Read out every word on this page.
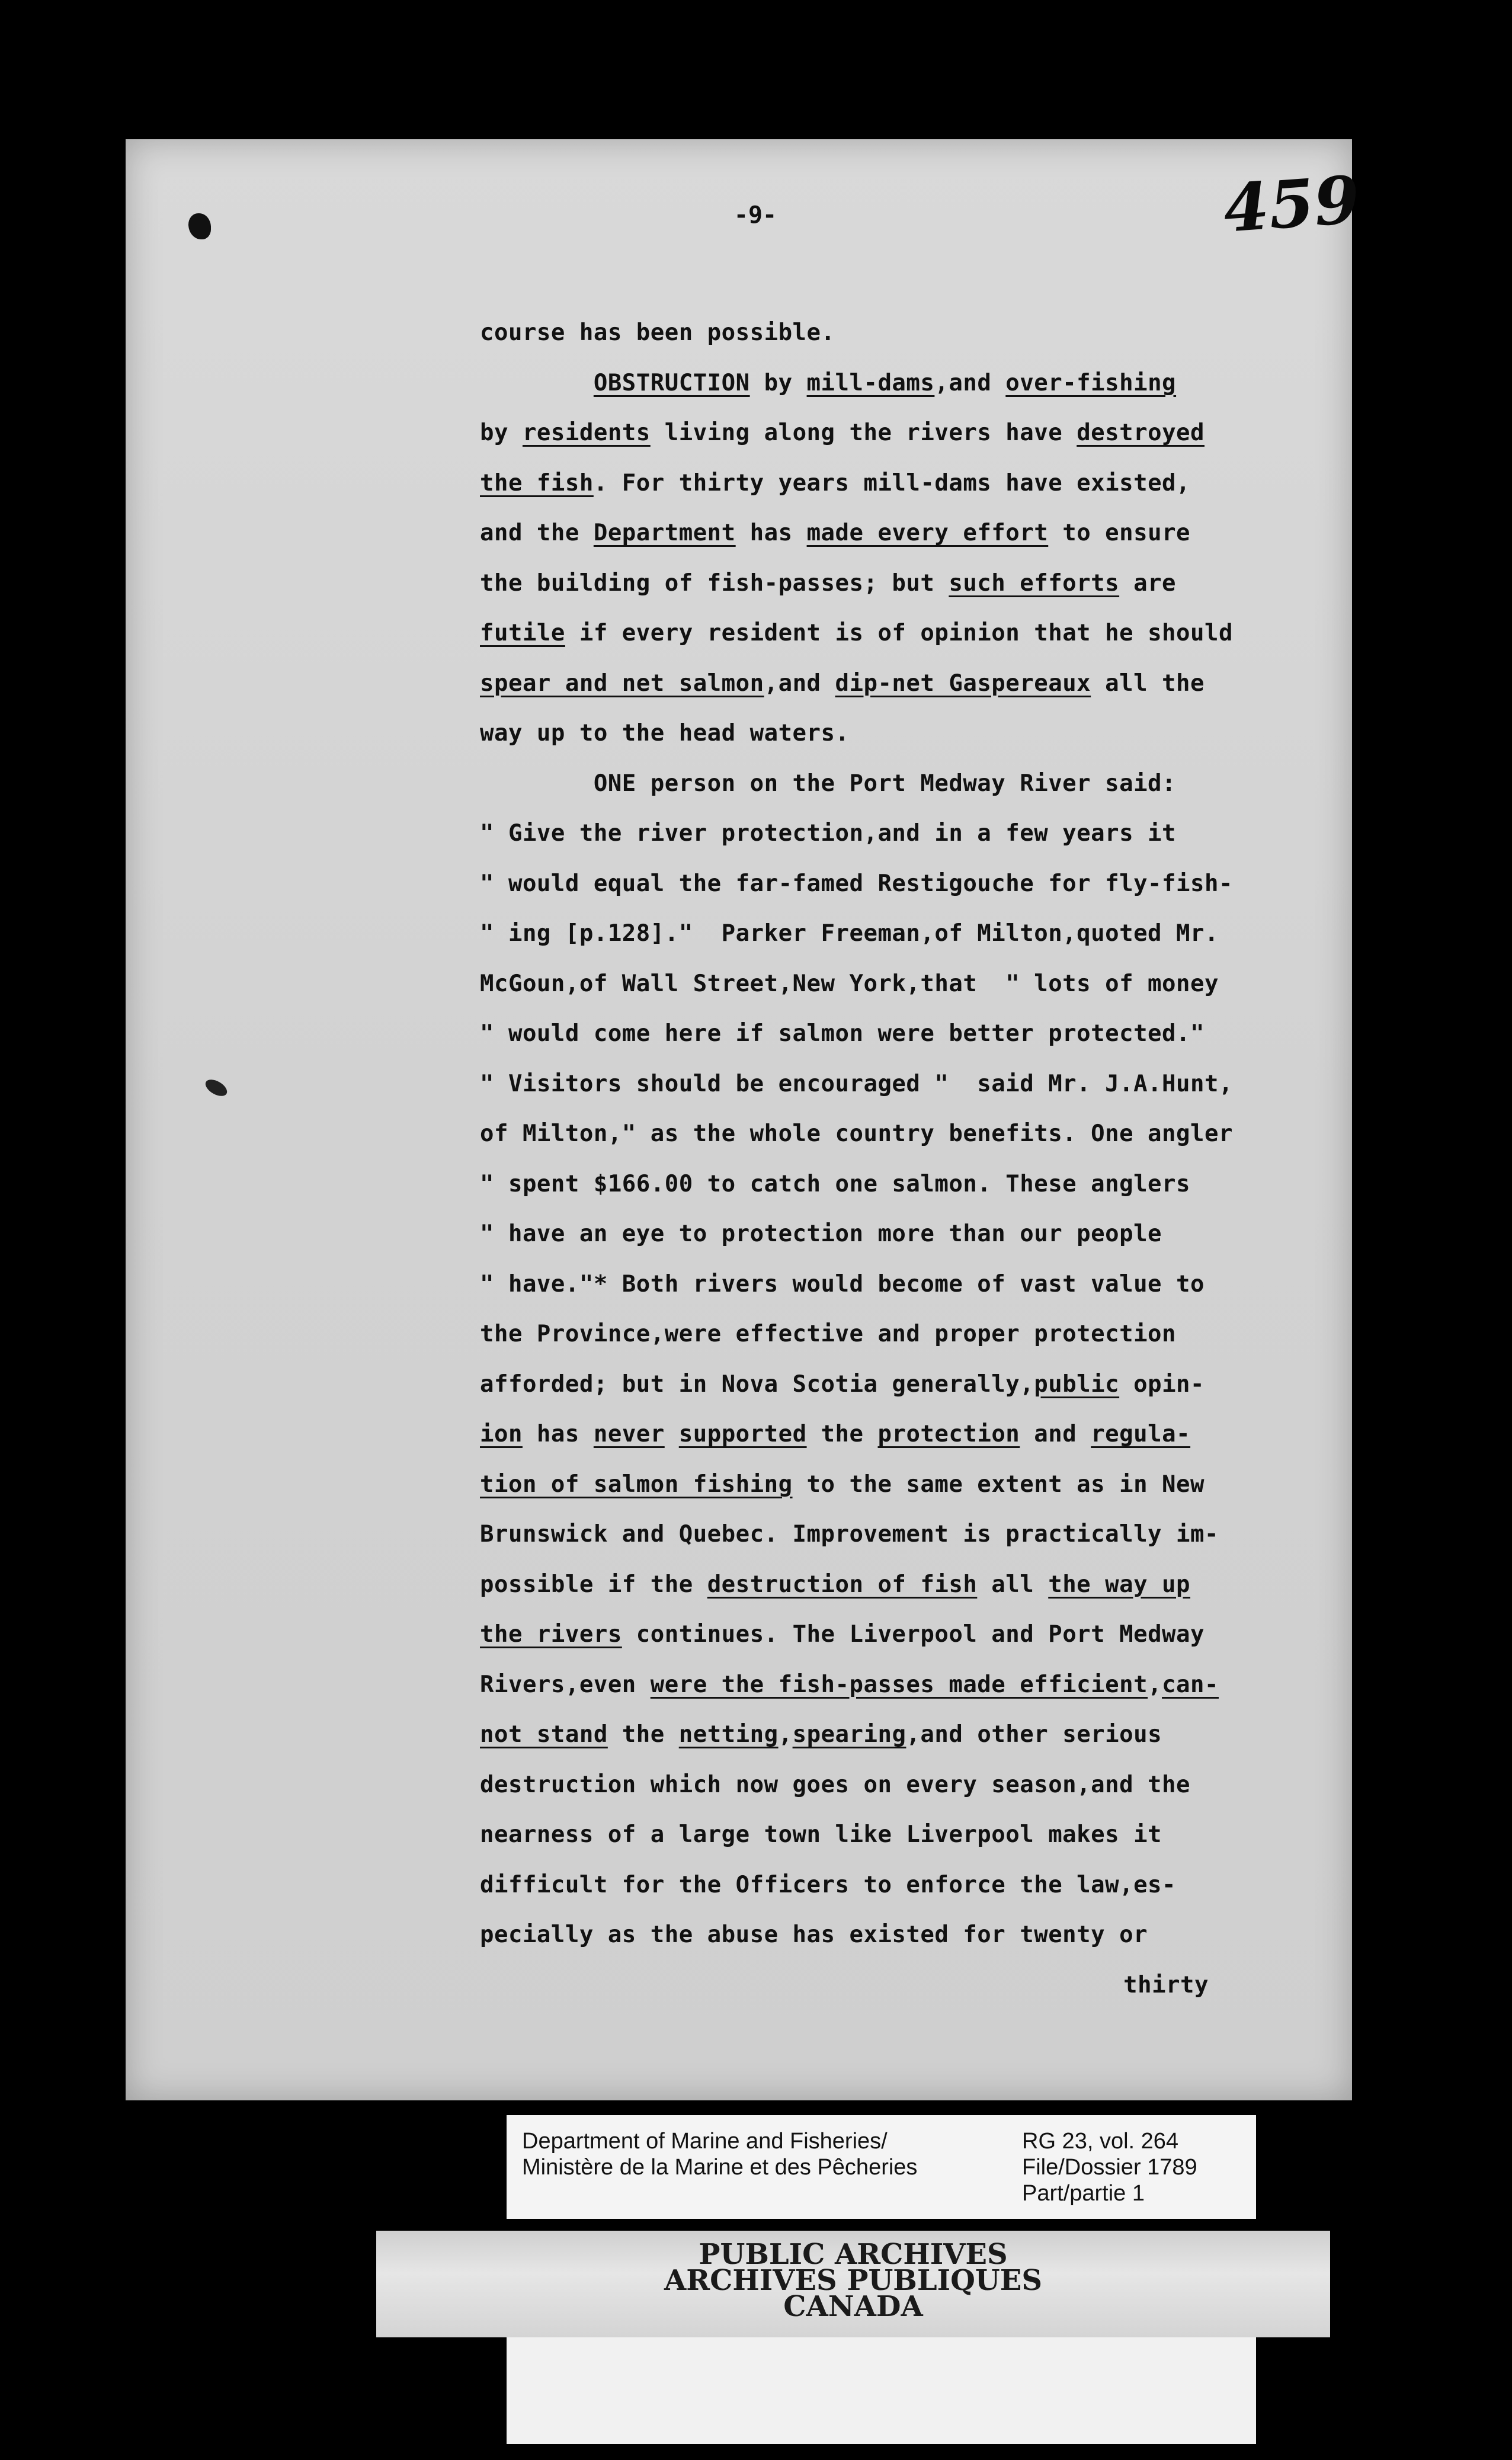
-9-	459
course has been possible.
OBSTRUCTION by mill-dams,and over-fishing
by residents living along the rivers have destroyed
the fish. For thirty years mill-dams have existed,
and the Department has made every effort to ensure
the building of fish-passes; but such efforts are
futile if every resident is of opinion that he should
spear and net salmon,and dip-net Gaspereaux all the
way up to the head waters.
ONE person on the Port Medway River said:
" Give the river protection,and in a few years it
" would equal the far-famed Restigouche for fly-fish-
" ing [p.128]."  Parker Freeman,of Milton,quoted Mr.
McGoun,of Wall Street,New York,that  " lots of money
" would come here if salmon were better protected."
" Visitors should be encouraged "  said Mr. J.A.Hunt,
of Milton," as the whole country benefits. One angler
" spent $166.00 to catch one salmon. These anglers
" have an eye to protection more than our people
" have."* Both rivers would become of vast value to
the Province,were effective and proper protection
afforded; but in Nova Scotia generally,public opin-
ion has never supported the protection and regula-
tion of salmon fishing to the same extent as in New
Brunswick and Quebec. Improvement is practically im-
possible if the destruction of fish all the way up
the rivers continues. The Liverpool and Port Medway
Rivers,even were the fish-passes made efficient,can-
not stand the netting,spearing,and other serious
destruction which now goes on every season,and the
nearness of a large town like Liverpool makes it
difficult for the Officers to enforce the law,es-
pecially as the abuse has existed for twenty or
thirty
Department of Marine and Fisheries/
Ministère de la Marine et des Pêcheries
RG 23, vol. 264
File/Dossier 1789
Part/partie 1
PUBLIC ARCHIVES
ARCHIVES PUBLIQUES
CANADA
